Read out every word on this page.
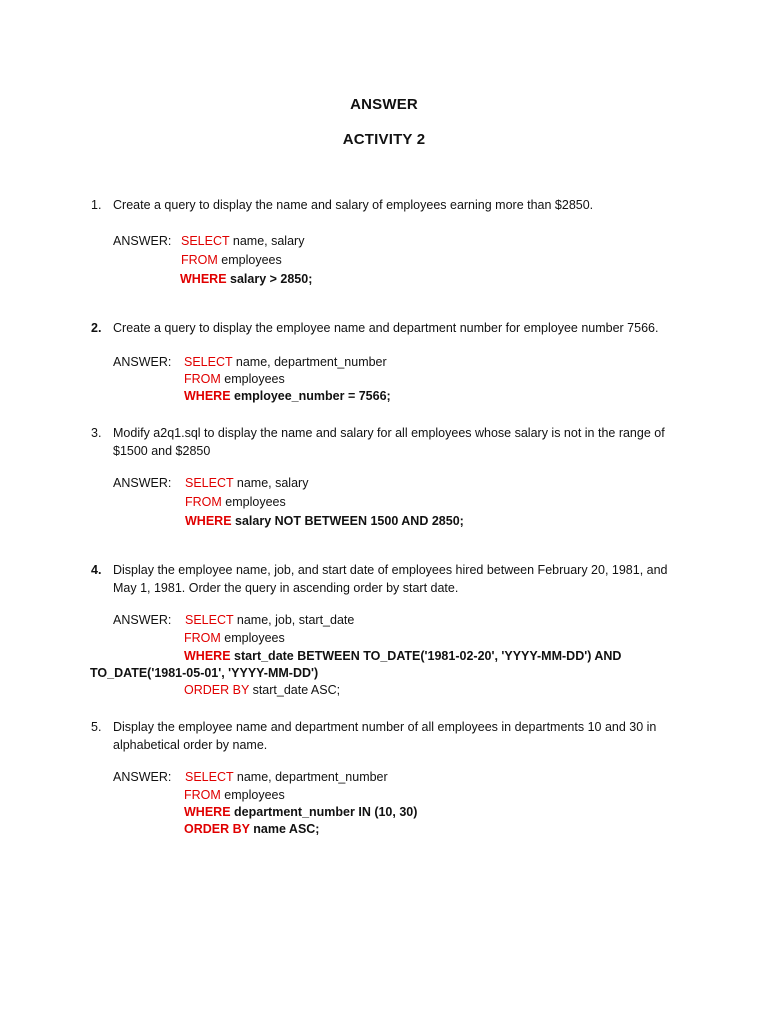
ANSWER
ACTIVITY 2
1. Create a query to display the name and salary of employees earning more than $2850.
ANSWER: SELECT name, salary
FROM employees
WHERE salary > 2850;
2. Create a query to display the employee name and department number for employee number 7566.
ANSWER: SELECT name, department_number
FROM employees
WHERE employee_number = 7566;
3. Modify a2q1.sql to display the name and salary for all employees whose salary is not in the range of $1500 and $2850
ANSWER: SELECT name, salary
FROM employees
WHERE salary NOT BETWEEN 1500 AND 2850;
4. Display the employee name, job, and start date of employees hired between February 20, 1981, and May 1, 1981. Order the query in ascending order by start date.
ANSWER: SELECT name, job, start_date
FROM employees
WHERE start_date BETWEEN TO_DATE('1981-02-20', 'YYYY-MM-DD') AND
TO_DATE('1981-05-01', 'YYYY-MM-DD')
ORDER BY start_date ASC;
5. Display the employee name and department number of all employees in departments 10 and 30 in alphabetical order by name.
ANSWER: SELECT name, department_number
FROM employees
WHERE department_number IN (10, 30)
ORDER BY name ASC;
